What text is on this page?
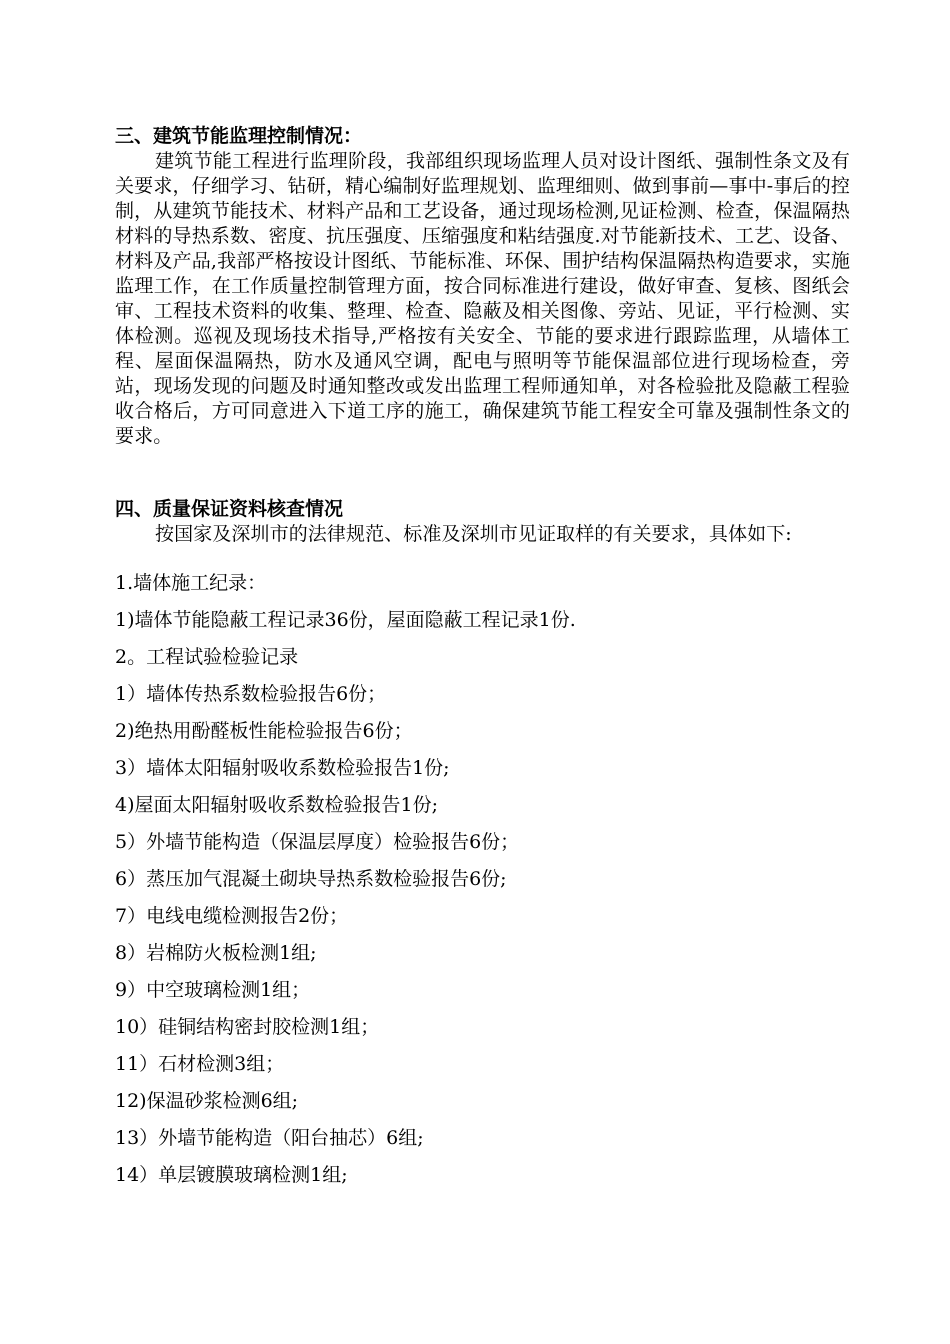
三、建筑节能监理控制情况：

建筑节能工程进行监理阶段，我部组织现场监理人员对设计图纸、强制性条文及有关要求，仔细学习、钻研，精心编制好监理规划、监理细则、做到事前—事中-事后的控制，从建筑节能技术、材料产品和工艺设备，通过现场检测,见证检测、检查，保温隔热材料的导热系数、密度、抗压强度、压缩强度和粘结强度.对节能新技术、工艺、设备、材料及产品,我部严格按设计图纸、节能标准、环保、围护结构保温隔热构造要求，实施监理工作，在工作质量控制管理方面，按合同标准进行建设，做好审查、复核、图纸会审、工程技术资料的收集、整理、检查、隐蔽及相关图像、旁站、见证，平行检测、实体检测。巡视及现场技术指导,严格按有关安全、节能的要求进行跟踪监理，从墙体工程、屋面保温隔热，防水及通风空调，配电与照明等节能保温部位进行现场检查，旁站，现场发现的问题及时通知整改或发出监理工程师通知单，对各检验批及隐蔽工程验收合格后，方可同意进入下道工序的施工，确保建筑节能工程安全可靠及强制性条文的要求。

四、质量保证资料核查情况

按国家及深圳市的法律规范、标准及深圳市见证取样的有关要求，具体如下:

1.墙体施工纪录：
1)墙体节能隐蔽工程记录36份，屋面隐蔽工程记录1份.
2。工程试验检验记录
1）墙体传热系数检验报告6份；
2)绝热用酚醛板性能检验报告6份；
3）墙体太阳辐射吸收系数检验报告1份;
4)屋面太阳辐射吸收系数检验报告1份;
5）外墙节能构造（保温层厚度）检验报告6份；
6）蒸压加气混凝土砌块导热系数检验报告6份;
7）电线电缆检测报告2份；
8）岩棉防火板检测1组;
9）中空玻璃检测1组；
10）硅铜结构密封胶检测1组；
11）石材检测3组；
12)保温砂浆检测6组;
13）外墙节能构造（阳台抽芯）6组;
14）单层镀膜玻璃检测1组;
